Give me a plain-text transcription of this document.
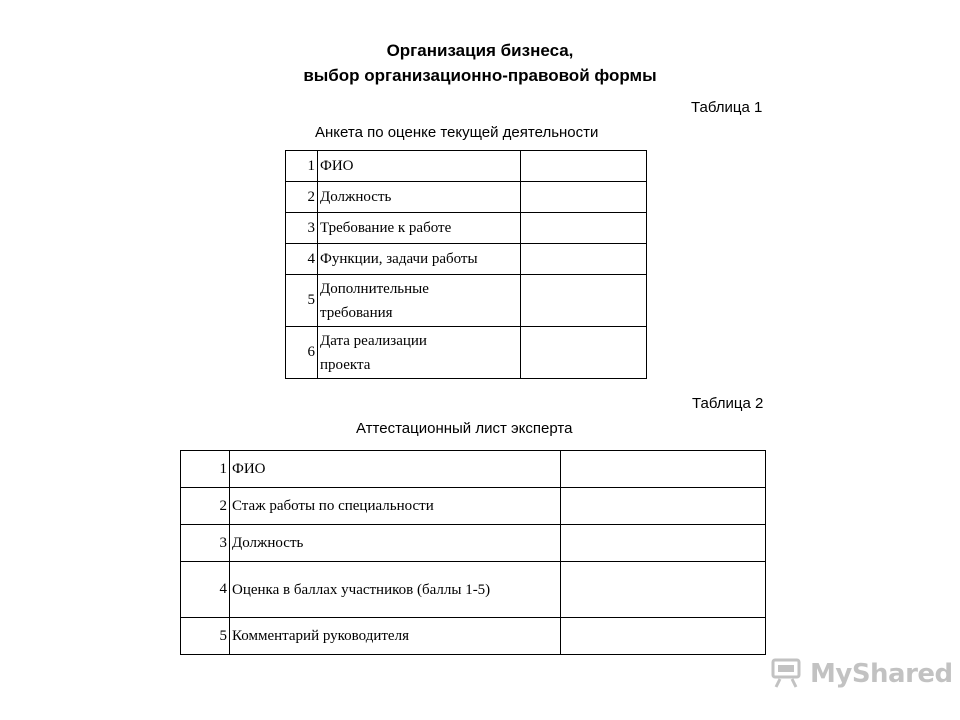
Организация бизнеса,
выбор организационно-правовой формы
Таблица 1
Анкета по оценке текущей деятельности
1	ФИО	
2	Должность	
3	Требование к работе	
4	Функции, задачи работы	
5	Дополнительные
требования	

6	Дата реализации
проекта	

Таблица 2
Аттестационный лист эксперта
1	ФИО	
2	Стаж работы по специальности	
3	Должность	
4	Оценка в баллах участников (баллы 1-5)	
5	Комментарий руководителя	
MyShared
